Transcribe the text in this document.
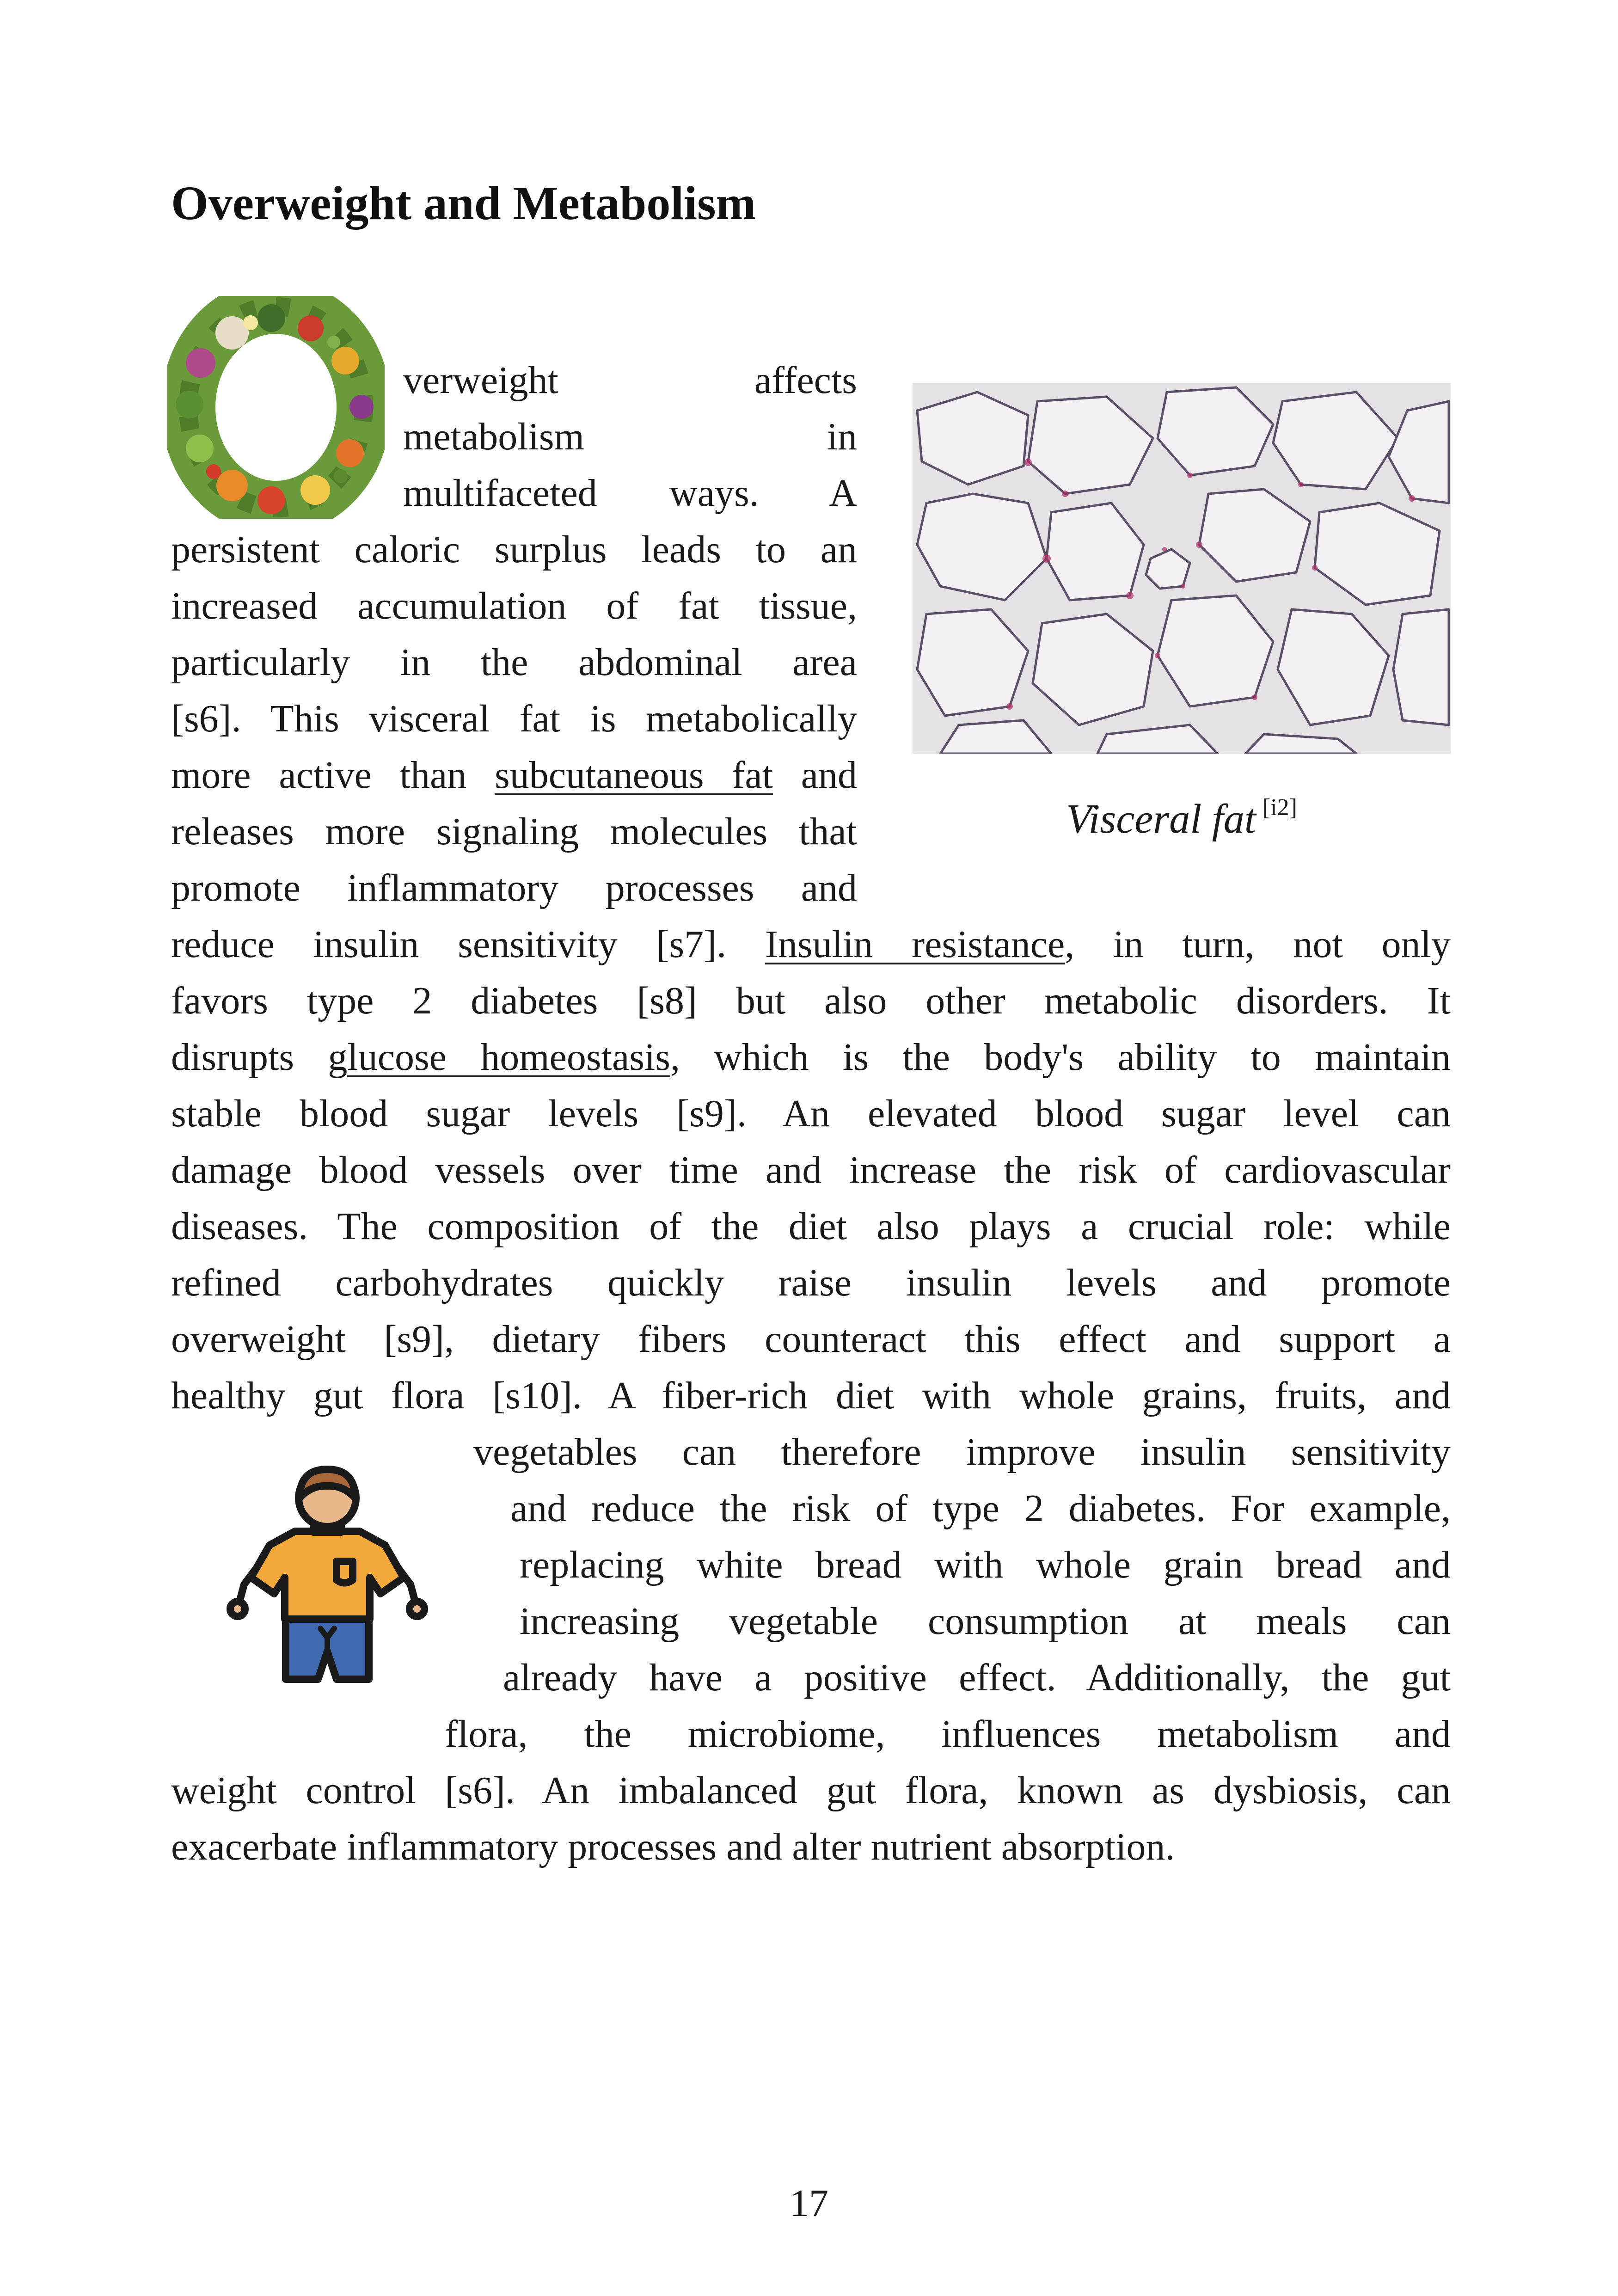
Overweight and Metabolism
Visceral fat [i2]
verweight	affects
metabolism	in
multifaceted ways. A
persistent caloric surplus leads to an
increased accumulation of fat tissue,
particularly in the abdominal area
[s6]. This visceral fat is metabolically
more active than subcutaneous fat and
releases more signaling molecules that
promote inflammatory processes and
reduce insulin sensitivity [s7]. Insulin resistance, in turn, not only
favors type 2 diabetes [s8] but also other metabolic disorders. It
disrupts glucose homeostasis, which is the body's ability to maintain
stable blood sugar levels [s9]. An elevated blood sugar level can
damage blood vessels over time and increase the risk of cardiovascular
diseases. The composition of the diet also plays a crucial role: while
refined carbohydrates quickly raise insulin levels and promote
overweight [s9], dietary fibers counteract this effect and support a
healthy gut flora [s10]. A fiber-rich diet with whole grains, fruits, and
vegetables can therefore improve insulin sensitivity
and reduce the risk of type 2 diabetes. For example,
replacing white bread with whole grain bread and
increasing vegetable consumption at meals can
already have a positive effect. Additionally, the gut
flora, the microbiome, influences metabolism and
weight control [s6]. An imbalanced gut flora, known as dysbiosis, can
exacerbate inflammatory processes and alter nutrient absorption.
17
